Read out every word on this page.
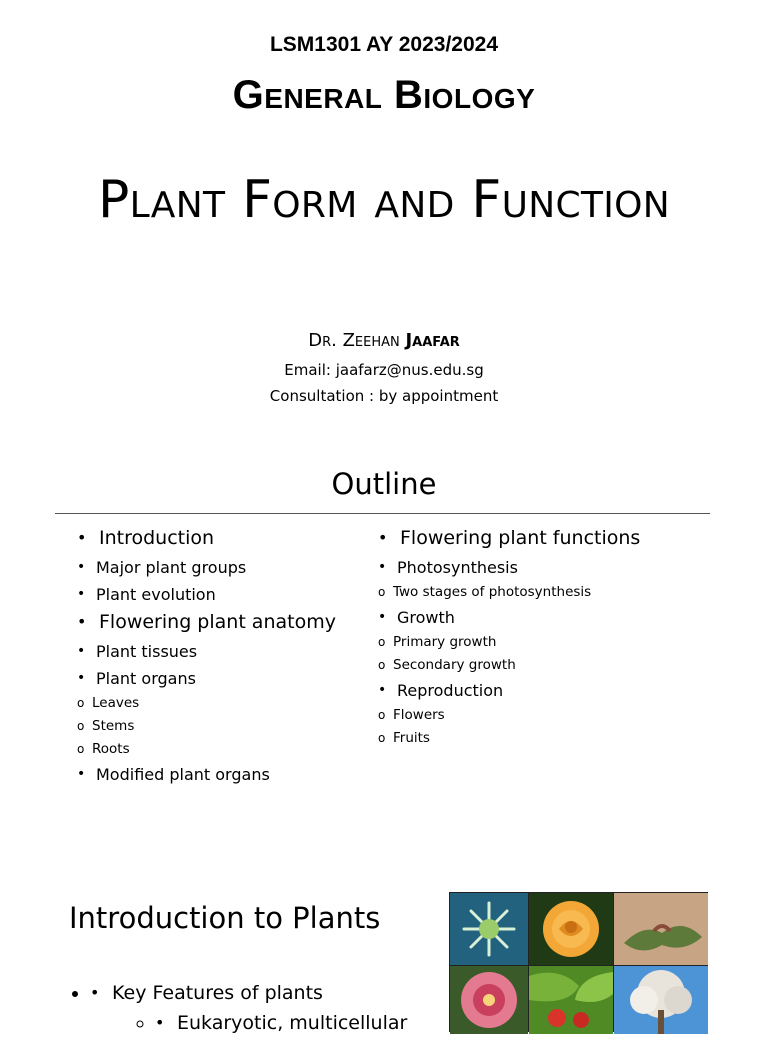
LSM1301 AY 2023/2024
General Biology
Plant Form and Function
Dr. Zeehan Jaafar
Email: jaafarz@nus.edu.sg
Consultation : by appointment
Outline
• Introduction
• Major plant groups
• Plant evolution
• Flowering plant anatomy
• Plant tissues
• Plant organs
o Leaves
o Stems
o Roots
• Modified plant organs
• Flowering plant functions
• Photosynthesis
o Two stages of photosynthesis
• Growth
o Primary growth
o Secondary growth
• Reproduction
o Flowers
o Fruits
Introduction to Plants
• • Key Features of plants
◦ • Eukaryotic, multicellular
